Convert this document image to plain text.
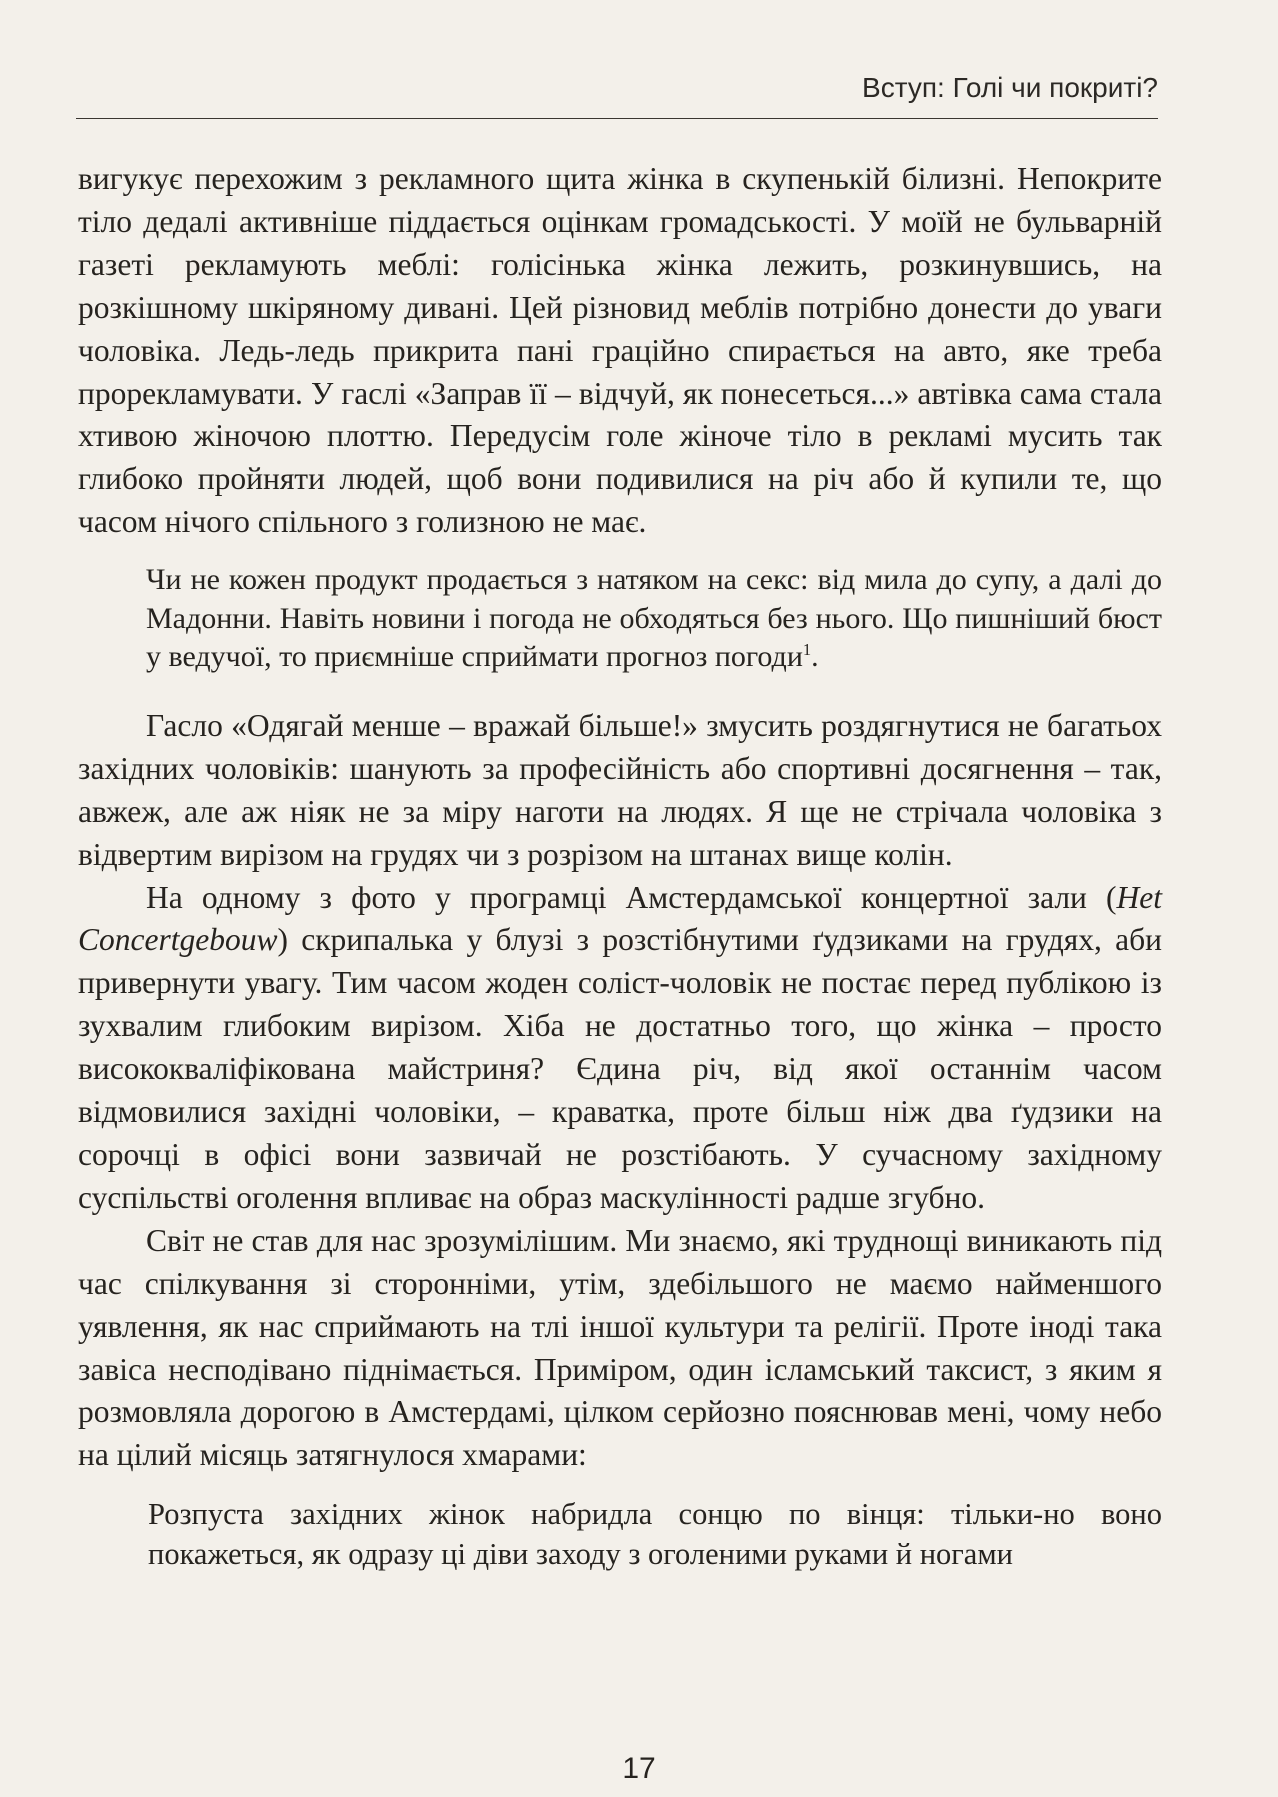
Вступ: Голі чи покриті?

вигукує перехожим з рекламного щита жінка в скупенькій білизні. Непокрите тіло дедалі активніше піддається оцінкам громадськості. У моїй не бульварній газеті рекламують меблі: голісінька жінка лежить, розкинувшись, на розкішному шкіряному дивані. Цей різновид меблів потрібно донести до уваги чоловіка. Ледь-ледь прикрита пані граційно спирається на авто, яке треба прорекламувати. У гаслі «Заправ її – відчуй, як понесеться...» автівка сама стала хтивою жіночою плоттю. Передусім голе жіноче тіло в рекламі мусить так глибоко пройняти людей, щоб вони подивилися на річ або й купили те, що часом нічого спільного з голизною не має.

Чи не кожен продукт продається з натяком на секс: від мила до супу, а далі до Мадонни. Навіть новини і погода не обходяться без нього. Що пишніший бюст у ведучої, то приємніше сприймати прогноз погоди$^1$.

Гасло «Одягай менше – вражай більше!» змусить роздягнутися не багатьох західних чоловіків: шанують за професійність або спортивні досягнення – так, авжеж, але аж ніяк не за міру наготи на людях. Я ще не стрічала чоловіка з відвертим вирізом на грудях чи з розрізом на штанах вище колін.

На одному з фото у програмці Амстердамської концертної зали (Het Concertgebouw) скрипалька у блузі з розстібнутими ґудзиками на грудях, аби привернути увагу. Тим часом жоден соліст-чоловік не постає перед публікою із зухвалим глибоким вирізом. Хіба не достатньо того, що жінка – просто висококваліфікована майстриня? Єдина річ, від якої останнім часом відмовилися західні чоловіки, – краватка, проте більш ніж два ґудзики на сорочці в офісі вони зазвичай не розстібають. У сучасному західному суспільстві оголення впливає на образ маскулінності радше згубно.

Світ не став для нас зрозумілішим. Ми знаємо, які труднощі виникають під час спілкування зі сторонніми, утім, здебільшого не маємо найменшого уявлення, як нас сприймають на тлі іншої культури та релігії. Проте іноді така завіса несподівано піднімається. Приміром, один ісламський таксист, з яким я розмовляла дорогою в Амстердамі, цілком серйозно пояснював мені, чому небо на цілий місяць затягнулося хмарами:

Розпуста західних жінок набридла сонцю по вінця: тільки-но воно покажеться, як одразу ці діви заходу з оголеними руками й ногами

17
